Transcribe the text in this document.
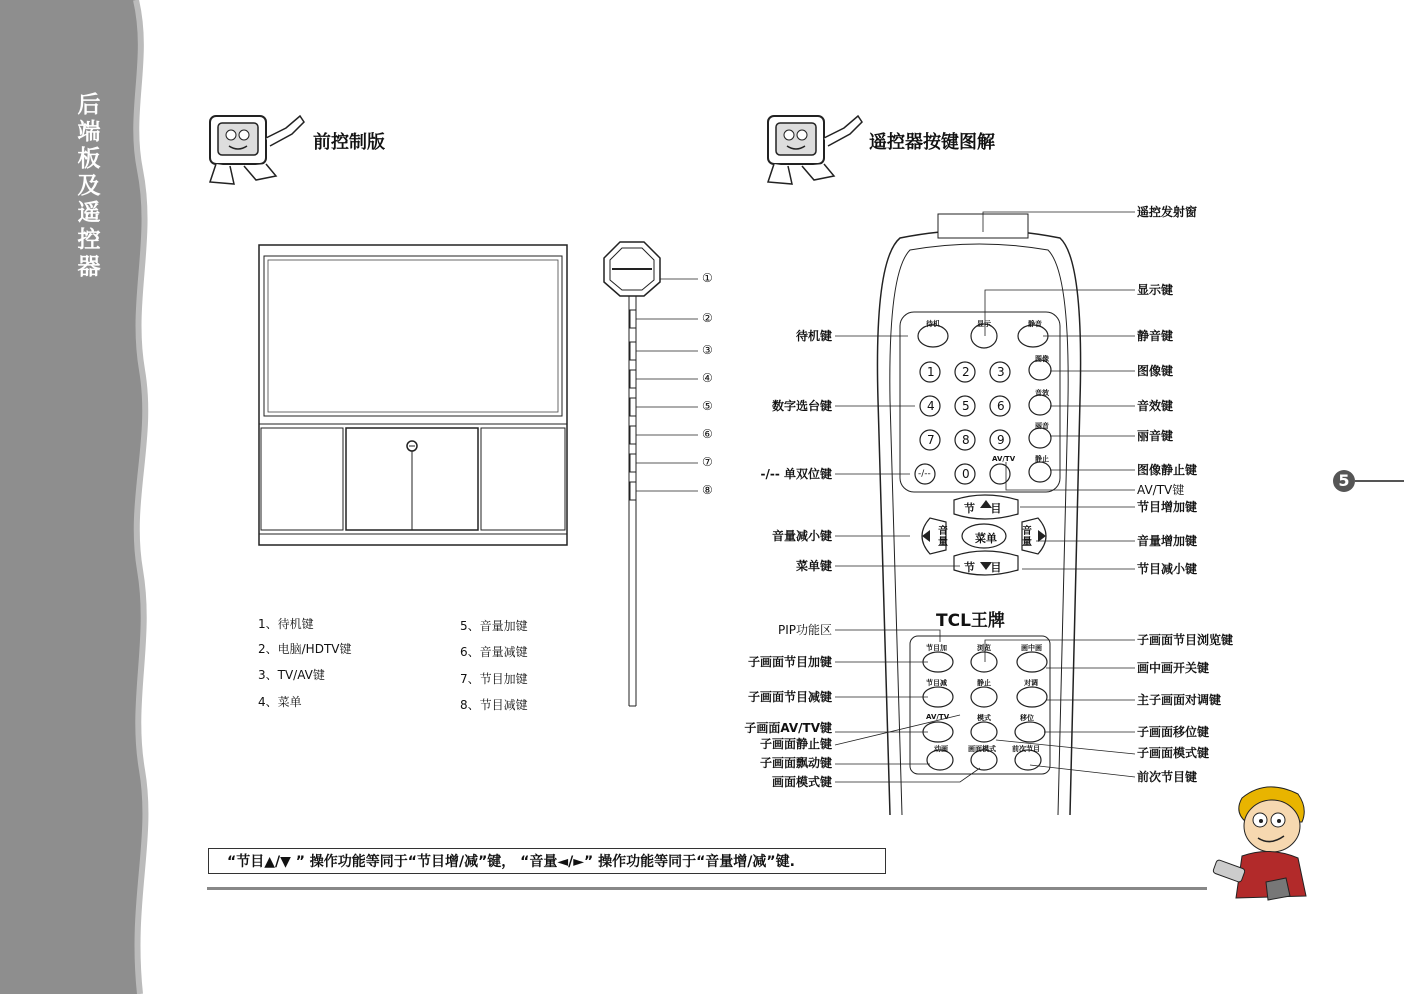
后
端
板
及
遥
控
器
前控制版	遥控器按键图解
①
②
③
④
⑤
⑥
⑦
⑧
1、待机键
2、电脑/HDTV键
3、TV/AV键
4、菜单
5、音量加键
6、音量减键
7、节目加键
8、节目减键
待机	显示	静音
图像
音效
丽音
静止
AV/TV
1 2 3
4 5 6
7 8 9
0
-/--
节 目
节 目
音
量
音
量
菜单
TCL王牌
节目加	浏览	画中画
节目减	静止	对调
AV/TV	模式	移位
动画	画面模式 前次节目
待机键
数字选台键
-/-- 单双位键
音量减小键
菜单键
PIP功能区
子画面节目加键
子画面节目减键
子画面AV/TV键
子画面静止键
子画面飘动键
画面模式键
遥控发射窗
显示键
静音键
图像键
音效键
丽音键
图像静止键
AV/TV键
节目增加键
音量增加键
节目减小键
子画面节目浏览键
画中画开关键
主子画面对调键
子画面移位键
子画面模式键
前次节目键
5
“节目▲/▼ ” 操作功能等同于“节目增/减”键， “音量◄/►” 操作功能等同于“音量增/减”键.
